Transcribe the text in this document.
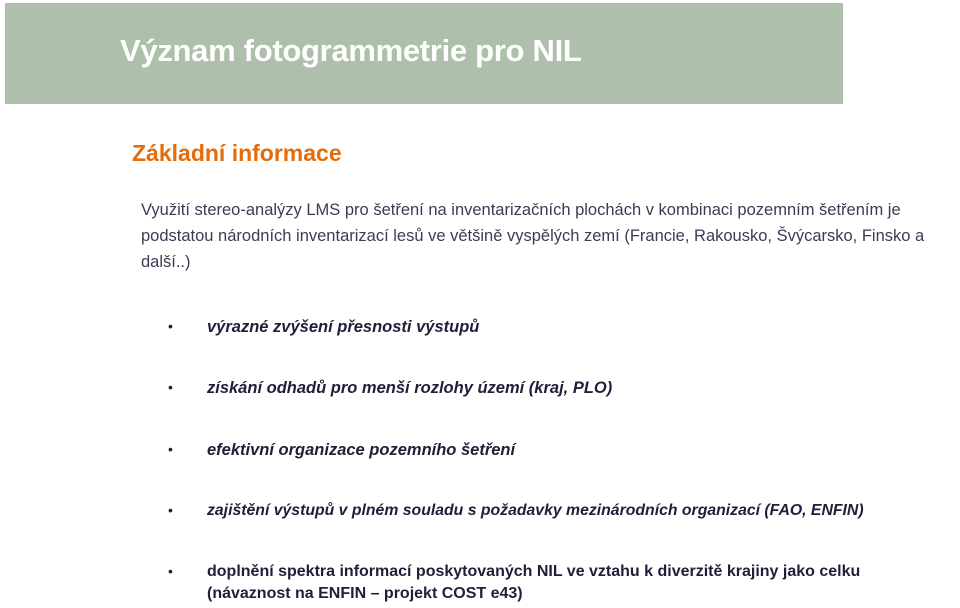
Význam fotogrammetrie pro NIL
Základní informace

Využití stereo-analýzy LMS pro šetření na inventarizačních plochách v kombinaci pozemním šetřením je podstatou národních inventarizací lesů ve většině vyspělých zemí (Francie, Rakousko, Švýcarsko, Finsko a další..)

• výrazné zvýšení přesnosti výstupů
• získání odhadů pro menší rozlohy území (kraj, PLO)
• efektivní organizace pozemního šetření
• zajištění výstupů v plném souladu s požadavky mezinárodních organizací (FAO, ENFIN)
• doplnění spektra informací poskytovaných NIL ve vztahu k diverzitě krajiny jako celku
(návaznost na ENFIN – projekt COST e43)
